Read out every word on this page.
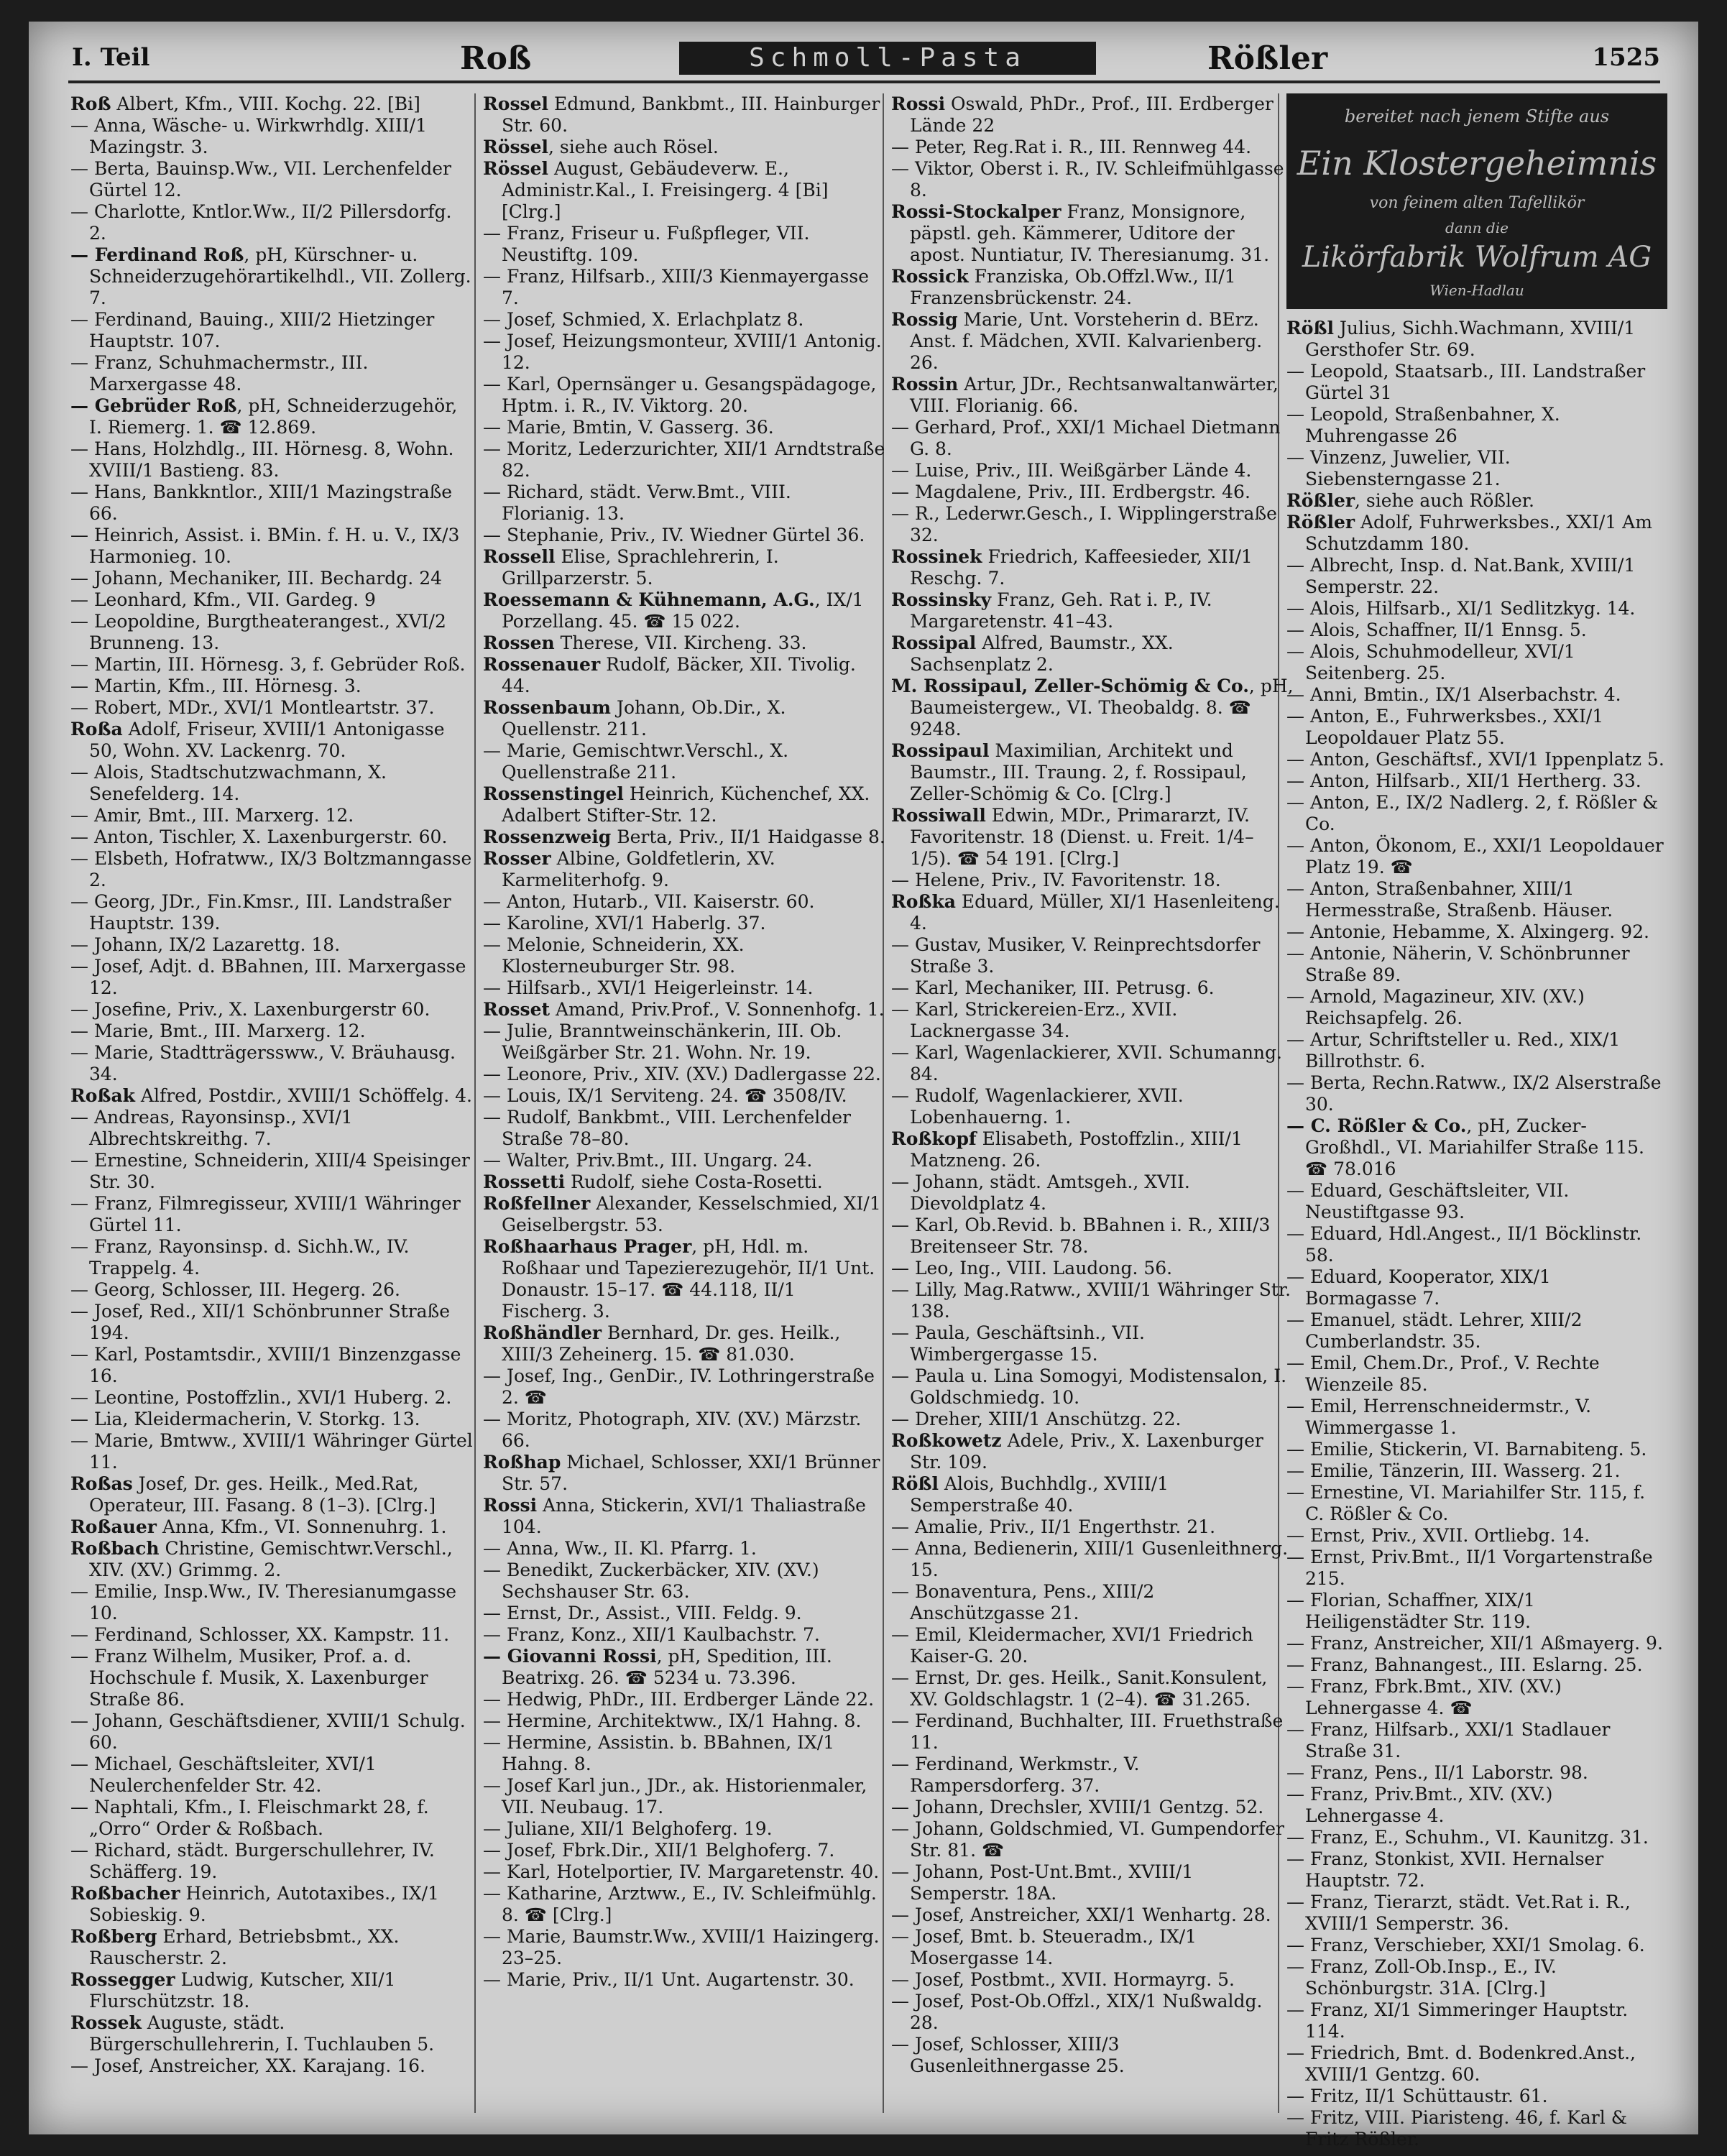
I. Teil	Roß	Schmoll-Pasta	Rößler	1525

Roß Albert, Kfm., VIII. Kochg. 22. [Bi]

— Anna, Wäsche- u. Wirkwrhdlg. XIII/1 Mazingstr. 3.

— Berta, Bauinsp.Ww., VII. Lerchenfelder Gürtel 12.

— Charlotte, Kntlor.Ww., II/2 Pillersdorfg. 2.

— Ferdinand Roß, pH, Kürschner- u. Schneiderzugehörartikelhdl., VII. Zollerg. 7.

— Ferdinand, Bauing., XIII/2 Hietzinger Hauptstr. 107.

— Franz, Schuhmachermstr., III. Marxergasse 48.

— Gebrüder Roß, pH, Schneiderzugehör, I. Riemerg. 1. ☎ 12.869.

— Hans, Holzhdlg., III. Hörnesg. 8, Wohn. XVIII/1 Bastieng. 83.

— Hans, Bankkntlor., XIII/1 Mazingstraße 66.

— Heinrich, Assist. i. BMin. f. H. u. V., IX/3 Harmonieg. 10.

— Johann, Mechaniker, III. Bechardg. 24

— Leonhard, Kfm., VII. Gardeg. 9

— Leopoldine, Burgtheaterangest., XVI/2 Brunneng. 13.

— Martin, III. Hörnesg. 3, f. Gebrüder Roß.

— Martin, Kfm., III. Hörnesg. 3.

— Robert, MDr., XVI/1 Montleartstr. 37.

Roßa Adolf, Friseur, XVIII/1 Antonigasse 50, Wohn. XV. Lackenrg. 70.

— Alois, Stadtschutzwachmann, X. Senefelderg. 14.

— Amir, Bmt., III. Marxerg. 12.

— Anton, Tischler, X. Laxenburgerstr. 60.

— Elsbeth, Hofratww., IX/3 Boltzmanngasse 2.

— Georg, JDr., Fin.Kmsr., III. Landstraßer Hauptstr. 139.

— Johann, IX/2 Lazarettg. 18.

— Josef, Adjt. d. BBahnen, III. Marxergasse 12.

— Josefine, Priv., X. Laxenburgerstr 60.

— Marie, Bmt., III. Marxerg. 12.

— Marie, Stadtträgerssww., V. Bräuhausg. 34.

Roßak Alfred, Postdir., XVIII/1 Schöffelg. 4.

— Andreas, Rayonsinsp., XVI/1 Albrechtskreithg. 7.

— Ernestine, Schneiderin, XIII/4 Speisinger Str. 30.

— Franz, Filmregisseur, XVIII/1 Währinger Gürtel 11.

— Franz, Rayonsinsp. d. Sichh.W., IV. Trappelg. 4.

— Georg, Schlosser, III. Hegerg. 26.

— Josef, Red., XII/1 Schönbrunner Straße 194.

— Karl, Postamtsdir., XVIII/1 Binzenzgasse 16.

— Leontine, Postoffzlin., XVI/1 Huberg. 2.

— Lia, Kleidermacherin, V. Storkg. 13.

— Marie, Bmtww., XVIII/1 Währinger Gürtel 11.

Roßas Josef, Dr. ges. Heilk., Med.Rat, Operateur, III. Fasang. 8 (1–3). [Clrg.]

Roßauer Anna, Kfm., VI. Sonnenuhrg. 1.

Roßbach Christine, Gemischtwr.Verschl., XIV. (XV.) Grimmg. 2.

— Emilie, Insp.Ww., IV. Theresianumgasse 10.

— Ferdinand, Schlosser, XX. Kampstr. 11.

— Franz Wilhelm, Musiker, Prof. a. d. Hochschule f. Musik, X. Laxenburger Straße 86.

— Johann, Geschäftsdiener, XVIII/1 Schulg. 60.

— Michael, Geschäftsleiter, XVI/1 Neulerchenfelder Str. 42.

— Naphtali, Kfm., I. Fleischmarkt 28, f. „Orro“ Order & Roßbach.

— Richard, städt. Burgerschullehrer, IV. Schäfferg. 19.

Roßbacher Heinrich, Autotaxibes., IX/1 Sobieskig. 9.

Roßberg Erhard, Betriebsbmt., XX. Rauscherstr. 2.

Rossegger Ludwig, Kutscher, XII/1 Flurschützstr. 18.

Rossek Auguste, städt. Bürgerschullehrerin, I. Tuchlauben 5.

— Josef, Anstreicher, XX. Karajang. 16.

Rossel Edmund, Bankbmt., III. Hainburger Str. 60.

Rössel, siehe auch Rösel.

Rössel August, Gebäudeverw. E., Administr.Kal., I. Freisingerg. 4 [Bi] [Clrg.]

— Franz, Friseur u. Fußpfleger, VII. Neustiftg. 109.

— Franz, Hilfsarb., XIII/3 Kienmayergasse 7.

— Josef, Schmied, X. Erlachplatz 8.

— Josef, Heizungsmonteur, XVIII/1 Antonig. 12.

— Karl, Opernsänger u. Gesangspädagoge, Hptm. i. R., IV. Viktorg. 20.

— Marie, Bmtin, V. Gasserg. 36.

— Moritz, Lederzurichter, XII/1 Arndtstraße 82.

— Richard, städt. Verw.Bmt., VIII. Florianig. 13.

— Stephanie, Priv., IV. Wiedner Gürtel 36.

Rossell Elise, Sprachlehrerin, I. Grillparzerstr. 5.

Roessemann & Kühnemann, A.G., IX/1 Porzellang. 45. ☎ 15 022.

Rossen Therese, VII. Kircheng. 33.

Rossenauer Rudolf, Bäcker, XII. Tivolig. 44.

Rossenbaum Johann, Ob.Dir., X. Quellenstr. 211.

— Marie, Gemischtwr.Verschl., X. Quellenstraße 211.

Rossenstingel Heinrich, Küchenchef, XX. Adalbert Stifter-Str. 12.

Rossenzweig Berta, Priv., II/1 Haidgasse 8.

Rosser Albine, Goldfetlerin, XV. Karmeliterhofg. 9.

— Anton, Hutarb., VII. Kaiserstr. 60.

— Karoline, XVI/1 Haberlg. 37.

— Melonie, Schneiderin, XX. Klosterneuburger Str. 98.

— Hilfsarb., XVI/1 Heigerleinstr. 14.

Rosset Amand, Priv.Prof., V. Sonnenhofg. 1.

— Julie, Branntweinschänkerin, III. Ob. Weißgärber Str. 21. Wohn. Nr. 19.

— Leonore, Priv., XIV. (XV.) Dadlergasse 22.

— Louis, IX/1 Serviteng. 24. ☎ 3508/IV.

— Rudolf, Bankbmt., VIII. Lerchenfelder Straße 78–80.

— Walter, Priv.Bmt., III. Ungarg. 24.

Rossetti Rudolf, siehe Costa-Rosetti.

Roßfellner Alexander, Kesselschmied, XI/1 Geiselbergstr. 53.

Roßhaarhaus Prager, pH, Hdl. m. Roßhaar und Tapezierezugehör, II/1 Unt. Donaustr. 15–17. ☎ 44.118, II/1 Fischerg. 3.

Roßhändler Bernhard, Dr. ges. Heilk., XIII/3 Zeheinerg. 15. ☎ 81.030.

— Josef, Ing., GenDir., IV. Lothringerstraße 2. ☎

— Moritz, Photograph, XIV. (XV.) Märzstr. 66.

Roßhap Michael, Schlosser, XXI/1 Brünner Str. 57.

Rossi Anna, Stickerin, XVI/1 Thaliastraße 104.

— Anna, Ww., II. Kl. Pfarrg. 1.

— Benedikt, Zuckerbäcker, XIV. (XV.) Sechshauser Str. 63.

— Ernst, Dr., Assist., VIII. Feldg. 9.

— Franz, Konz., XII/1 Kaulbachstr. 7.

— Giovanni Rossi, pH, Spedition, III. Beatrixg. 26. ☎ 5234 u. 73.396.

— Hedwig, PhDr., III. Erdberger Lände 22.

— Hermine, Architektww., IX/1 Hahng. 8.

— Hermine, Assistin. b. BBahnen, IX/1 Hahng. 8.

— Josef Karl jun., JDr., ak. Historienmaler, VII. Neubaug. 17.

— Juliane, XII/1 Belghoferg. 19.

— Josef, Fbrk.Dir., XII/1 Belghoferg. 7.

— Karl, Hotelportier, IV. Margaretenstr. 40.

— Katharine, Arztww., E., IV. Schleifmühlg. 8. ☎ [Clrg.]

— Marie, Baumstr.Ww., XVIII/1 Haizingerg. 23–25.

— Marie, Priv., II/1 Unt. Augartenstr. 30.

Rossi Oswald, PhDr., Prof., III. Erdberger Lände 22

— Peter, Reg.Rat i. R., III. Rennweg 44.

— Viktor, Oberst i. R., IV. Schleifmühlgasse 8.

Rossi-Stockalper Franz, Monsignore, päpstl. geh. Kämmerer, Uditore der apost. Nuntiatur, IV. Theresianumg. 31.

Rossick Franziska, Ob.Offzl.Ww., II/1 Franzensbrückenstr. 24.

Rossig Marie, Unt. Vorsteherin d. BErz. Anst. f. Mädchen, XVII. Kalvarienberg. 26.

Rossin Artur, JDr., Rechtsanwaltanwärter, VIII. Florianig. 66.

— Gerhard, Prof., XXI/1 Michael Dietmann G. 8.

— Luise, Priv., III. Weißgärber Lände 4.

— Magdalene, Priv., III. Erdbergstr. 46.

— R., Lederwr.Gesch., I. Wipplingerstraße 32.

Rossinek Friedrich, Kaffeesieder, XII/1 Reschg. 7.

Rossinsky Franz, Geh. Rat i. P., IV. Margaretenstr. 41–43.

Rossipal Alfred, Baumstr., XX. Sachsenplatz 2.

M. Rossipaul, Zeller-Schömig & Co., pH, Baumeistergew., VI. Theobaldg. 8. ☎ 9248.

Rossipaul Maximilian, Architekt und Baumstr., III. Traung. 2, f. Rossipaul, Zeller-Schömig & Co. [Clrg.]

Rossiwall Edwin, MDr., Primararzt, IV. Favoritenstr. 18 (Dienst. u. Freit. 1/4–1/5). ☎ 54 191. [Clrg.]

— Helene, Priv., IV. Favoritenstr. 18.

Roßka Eduard, Müller, XI/1 Hasenleiteng. 4.

— Gustav, Musiker, V. Reinprechtsdorfer Straße 3.

— Karl, Mechaniker, III. Petrusg. 6.

— Karl, Strickereien-Erz., XVII. Lacknergasse 34.

— Karl, Wagenlackierer, XVII. Schumanng. 84.

— Rudolf, Wagenlackierer, XVII. Lobenhauerng. 1.

Roßkopf Elisabeth, Postoffzlin., XIII/1 Matzneng. 26.

— Johann, städt. Amtsgeh., XVII. Dievoldplatz 4.

— Karl, Ob.Revid. b. BBahnen i. R., XIII/3 Breitenseer Str. 78.

— Leo, Ing., VIII. Laudong. 56.

— Lilly, Mag.Ratww., XVIII/1 Währinger Str. 138.

— Paula, Geschäftsinh., VII. Wimbergergasse 15.

— Paula u. Lina Somogyi, Modistensalon, I. Goldschmiedg. 10.

— Dreher, XIII/1 Anschützg. 22.

Roßkowetz Adele, Priv., X. Laxenburger Str. 109.

Rößl Alois, Buchhdlg., XVIII/1 Semperstraße 40.

— Amalie, Priv., II/1 Engerthstr. 21.

— Anna, Bedienerin, XIII/1 Gusenleithnerg. 15.

— Bonaventura, Pens., XIII/2 Anschützgasse 21.

— Emil, Kleidermacher, XVI/1 Friedrich Kaiser-G. 20.

— Ernst, Dr. ges. Heilk., Sanit.Konsulent, XV. Goldschlagstr. 1 (2–4). ☎ 31.265.

— Ferdinand, Buchhalter, III. Fruethstraße 11.

— Ferdinand, Werkmstr., V. Rampersdorferg. 37.

— Johann, Drechsler, XVIII/1 Gentzg. 52.

— Johann, Goldschmied, VI. Gumpendorfer Str. 81. ☎

— Johann, Post-Unt.Bmt., XVIII/1 Semperstr. 18A.

— Josef, Anstreicher, XXI/1 Wenhartg. 28.

— Josef, Bmt. b. Steueradm., IX/1 Mosergasse 14.

— Josef, Postbmt., XVII. Hormayrg. 5.

— Josef, Post-Ob.Offzl., XIX/1 Nußwaldg. 28.

— Josef, Schlosser, XIII/3 Gusenleithnergasse 25.

bereitet nach jenem Stifte aus
Ein Klostergeheimnis
von feinem alten Tafellikör
dann die
Likörfabrik Wolfrum AG
Wien-Hadlau

Rößl Julius, Sichh.Wachmann, XVIII/1 Gersthofer Str. 69.

— Leopold, Staatsarb., III. Landstraßer Gürtel 31

— Leopold, Straßenbahner, X. Muhrengasse 26

— Vinzenz, Juwelier, VII. Siebensterngasse 21.

Rößler, siehe auch Rößler.

Rößler Adolf, Fuhrwerksbes., XXI/1 Am Schutzdamm 180.

— Albrecht, Insp. d. Nat.Bank, XVIII/1 Semperstr. 22.

— Alois, Hilfsarb., XI/1 Sedlitzkyg. 14.

— Alois, Schaffner, II/1 Ennsg. 5.

— Alois, Schuhmodelleur, XVI/1 Seitenberg. 25.

— Anni, Bmtin., IX/1 Alserbachstr. 4.

— Anton, E., Fuhrwerksbes., XXI/1 Leopoldauer Platz 55.

— Anton, Geschäftsf., XVI/1 Ippenplatz 5.

— Anton, Hilfsarb., XII/1 Hertherg. 33.

— Anton, E., IX/2 Nadlerg. 2, f. Rößler & Co.

— Anton, Ökonom, E., XXI/1 Leopoldauer Platz 19. ☎

— Anton, Straßenbahner, XIII/1 Hermesstraße, Straßenb. Häuser.

— Antonie, Hebamme, X. Alxingerg. 92.

— Antonie, Näherin, V. Schönbrunner Straße 89.

— Arnold, Magazineur, XIV. (XV.) Reichsapfelg. 26.

— Artur, Schriftsteller u. Red., XIX/1 Billrothstr. 6.

— Berta, Rechn.Ratww., IX/2 Alserstraße 30.

— C. Rößler & Co., pH, Zucker-Großhdl., VI. Mariahilfer Straße 115. ☎ 78.016

— Eduard, Geschäftsleiter, VII. Neustiftgasse 93.

— Eduard, Hdl.Angest., II/1 Böcklinstr. 58.

— Eduard, Kooperator, XIX/1 Bormagasse 7.

— Emanuel, städt. Lehrer, XIII/2 Cumberlandstr. 35.

— Emil, Chem.Dr., Prof., V. Rechte Wienzeile 85.

— Emil, Herrenschneidermstr., V. Wimmergasse 1.

— Emilie, Stickerin, VI. Barnabiteng. 5.

— Emilie, Tänzerin, III. Wasserg. 21.

— Ernestine, VI. Mariahilfer Str. 115, f. C. Rößler & Co.

— Ernst, Priv., XVII. Ortliebg. 14.

— Ernst, Priv.Bmt., II/1 Vorgartenstraße 215.

— Florian, Schaffner, XIX/1 Heiligenstädter Str. 119.

— Franz, Anstreicher, XII/1 Aßmayerg. 9.

— Franz, Bahnangest., III. Eslarng. 25.

— Franz, Fbrk.Bmt., XIV. (XV.) Lehnergasse 4. ☎

— Franz, Hilfsarb., XXI/1 Stadlauer Straße 31.

— Franz, Pens., II/1 Laborstr. 98.

— Franz, Priv.Bmt., XIV. (XV.) Lehnergasse 4.

— Franz, E., Schuhm., VI. Kaunitzg. 31.

— Franz, Stonkist, XVII. Hernalser Hauptstr. 72.

— Franz, Tierarzt, städt. Vet.Rat i. R., XVIII/1 Semperstr. 36.

— Franz, Verschieber, XXI/1 Smolag. 6.

— Franz, Zoll-Ob.Insp., E., IV. Schönburgstr. 31A. [Clrg.]

— Franz, XI/1 Simmeringer Hauptstr. 114.

— Friedrich, Bmt. d. Bodenkred.Anst., XVIII/1 Gentzg. 60.

— Fritz, II/1 Schüttaustr. 61.

— Fritz, VIII. Piaristeng. 46, f. Karl & Fritz Rößler.
